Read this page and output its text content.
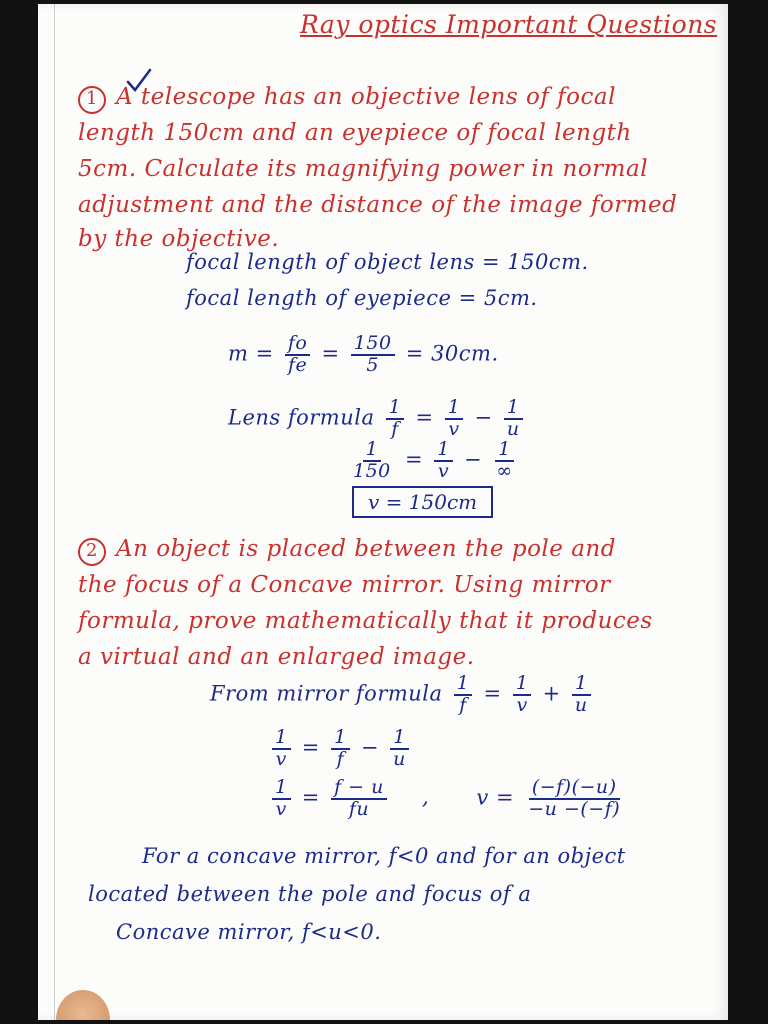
Ray optics Important Questions
1 A telescope has an objective lens of focal
length 150cm and an eyepiece of focal length
5cm. Calculate its magnifying power in normal
adjustment and the distance of the image formed
by the objective.
focal length of object lens = 150cm.
focal length of eyepiece = 5cm.
$m = \frac{fo}{fe} = \frac{150}{5} = 30cm$.
Lens formula $\frac{1}{f} = \frac{1}{v} - \frac{1}{u}$
$\frac{1}{150} = \frac{1}{v} - \frac{1}{\infty}$
v = 150cm
2 An object is placed between the pole and
the focus of a Concave mirror. Using mirror
formula, prove mathematically that it produces
a virtual and an enlarged image.
From mirror formula $\frac{1}{f} = \frac{1}{v} + \frac{1}{u}$
$\frac{1}{v} = \frac{1}{f} - \frac{1}{u}$
$\frac{1}{v} = \frac{f - u}{fu}$ , $v = \frac{(-f)(-u)}{-u -(-f)}$
For a concave mirror, f<0 and for an object
located between the pole and focus of a
Concave mirror, f<u<0.
